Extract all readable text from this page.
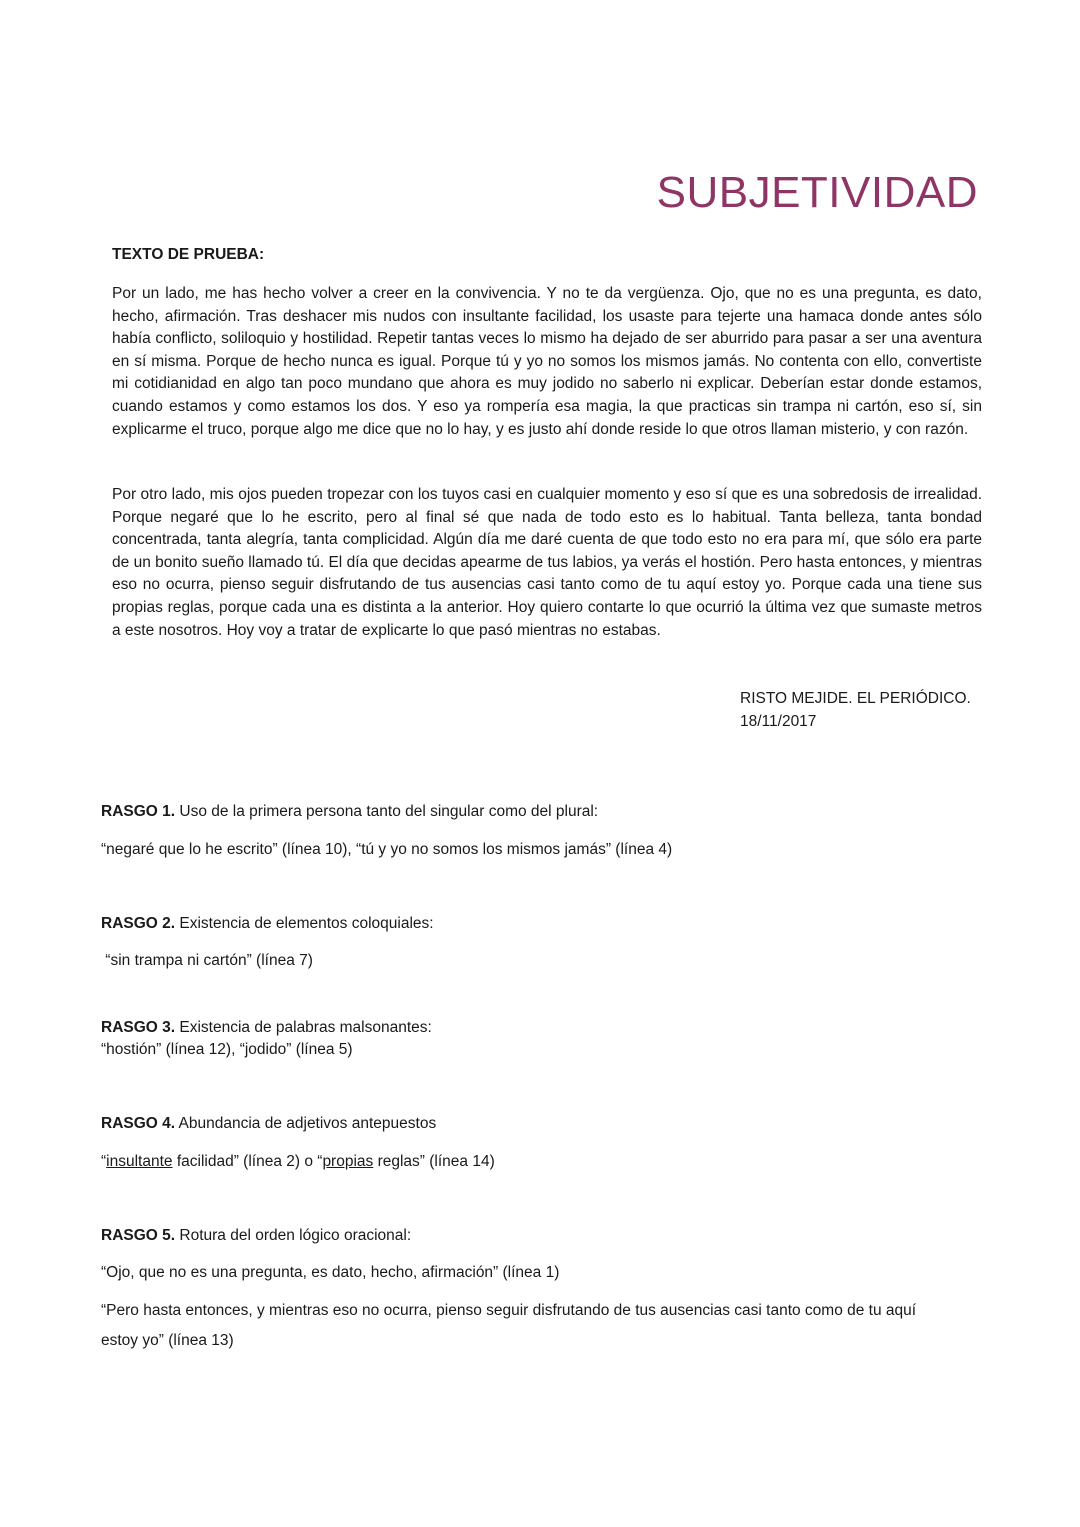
SUBJETIVIDAD

TEXTO DE PRUEBA:

Por un lado, me has hecho volver a creer en la convivencia. Y no te da vergüenza. Ojo, que no es una pregunta, es dato, hecho, afirmación. Tras deshacer mis nudos con insultante facilidad, los usaste para tejerte una hamaca donde antes sólo había conflicto, soliloquio y hostilidad. Repetir tantas veces lo mismo ha dejado de ser aburrido para pasar a ser una aventura en sí misma. Porque de hecho nunca es igual. Porque tú y yo no somos los mismos jamás. No contenta con ello, convertiste mi cotidianidad en algo tan poco mundano que ahora es muy jodido no saberlo ni explicar. Deberían estar donde estamos, cuando estamos y como estamos los dos. Y eso ya rompería esa magia, la que practicas sin trampa ni cartón, eso sí, sin explicarme el truco, porque algo me dice que no lo hay, y es justo ahí donde reside lo que otros llaman misterio, y con razón.

Por otro lado, mis ojos pueden tropezar con los tuyos casi en cualquier momento y eso sí que es una sobredosis de irrealidad. Porque negaré que lo he escrito, pero al final sé que nada de todo esto es lo habitual. Tanta belleza, tanta bondad concentrada, tanta alegría, tanta complicidad. Algún día me daré cuenta de que todo esto no era para mí, que sólo era parte de un bonito sueño llamado tú. El día que decidas apearme de tus labios, ya verás el hostión. Pero hasta entonces, y mientras eso no ocurra, pienso seguir disfrutando de tus ausencias casi tanto como de tu aquí estoy yo. Porque cada una tiene sus propias reglas, porque cada una es distinta a la anterior. Hoy quiero contarte lo que ocurrió la última vez que sumaste metros a este nosotros. Hoy voy a tratar de explicarte lo que pasó mientras no estabas.

RISTO MEJIDE. EL PERIÓDICO.
18/11/2017

RASGO 1. Uso de la primera persona tanto del singular como del plural:

“negaré que lo he escrito” (línea 10), “tú y yo no somos los mismos jamás” (línea 4)

RASGO 2. Existencia de elementos coloquiales:

“sin trampa ni cartón” (línea 7)

RASGO 3. Existencia de palabras malsonantes:

“hostión” (línea 12), “jodido” (línea 5)

RASGO 4. Abundancia de adjetivos antepuestos

“insultante facilidad” (línea 2) o “propias reglas” (línea 14)

RASGO 5. Rotura del orden lógico oracional:

“Ojo, que no es una pregunta, es dato, hecho, afirmación” (línea 1)

“Pero hasta entonces, y mientras eso no ocurra, pienso seguir disfrutando de tus ausencias casi tanto como de tu aquí estoy yo” (línea 13)
